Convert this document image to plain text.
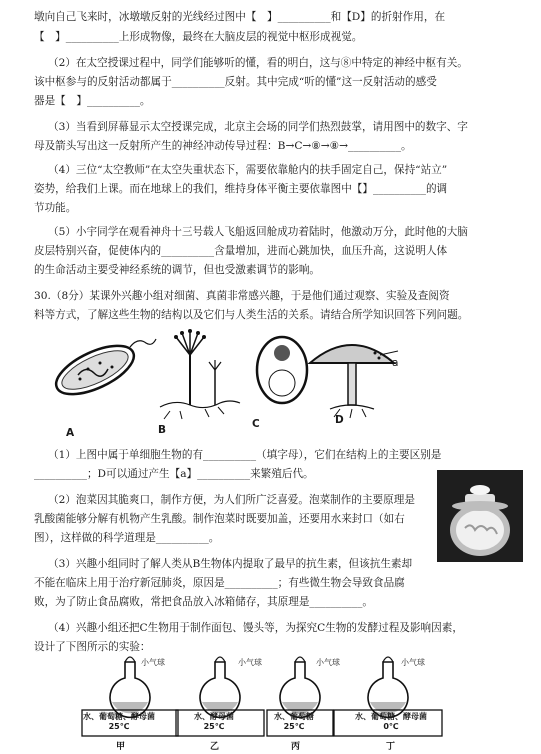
墩向自己飞来时，冰墩墩反射的光线经过图中【　】__________和【D】的折射作用，在
【　】__________上形成物像，最终在大脑皮层的视觉中枢形成视觉。
（2）在太空授课过程中，同学们能够听的懂，看的明白，这与⑧中特定的神经中枢有关。
该中枢参与的反射活动都属于__________反射。其中完成“听的懂”这一反射活动的感受
器是【　】__________。
（3）当看到屏幕显示太空授课完成，北京主会场的同学们热烈鼓掌，请用图中的数字、字
母及箭头写出这一反射所产生的神经冲动传导过程：B→C→⑧→⑧→__________。
（4）三位“太空教师”在太空失重状态下，需要依靠舱内的扶手固定自己，保持“站立”
姿势，给我们上课。而在地球上的我们，维持身体平衡主要依靠图中【】__________的调
节功能。
（5）小宇同学在观看神舟十三号载人飞船返回舱成功着陆时，他激动万分，此时他的大脑
皮层特别兴奋，促使体内的__________含量增加，进而心跳加快，血压升高，这说明人体
的生命活动主要受神经系统的调节，但也受激素调节的影响。
30.（8分）某课外兴趣小组对细菌、真菌非常感兴趣，于是他们通过观察、实验及查阅资
料等方式，了解这些生物的结构以及它们与人类生活的关系。请结合所学知识回答下列问题。
a
A	B	C	D
（1）上图中属于单细胞生物的有__________（填字母），它们在结构上的主要区别是
__________；D可以通过产生【a】__________来繁殖后代。
（2）泡菜因其脆爽口，制作方便，为人们所广泛喜爱。泡菜制作的主要原理是
乳酸菌能够分解有机物产生乳酸。制作泡菜时既要加盖，还要用水来封口（如右
图），这样做的科学道理是__________。
（3）兴趣小组同时了解人类从B生物体内提取了最早的抗生素，但该抗生素却
不能在临床上用于治疗新冠肺炎，原因是__________；有些微生物会导致食品腐
败，为了防止食品腐败，常把食品放入冰箱储存，其原理是__________。
（4）兴趣小组还把C生物用于制作面包、馒头等，为探究C生物的发酵过程及影响因素，
设计了下图所示的实验：
小气球	小气球	小气球	小气球
水、葡萄糖、酵母菌
25℃
水、酵母菌
25℃
水、葡萄糖
25℃
水、葡萄糖、酵母菌
0℃
甲	乙	丙	丁
